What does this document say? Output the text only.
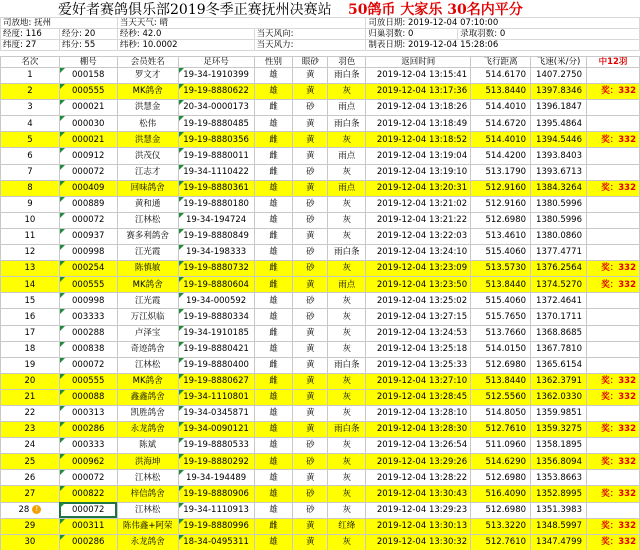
爱好者赛鸽俱乐部2019冬季正赛抚州决赛站 50鸽币 大家乐 30名内平分
司放地: 抚州		当天天气: 晴		司放日期: 2019-12-04 07:10:00	
经度: 116	经分: 20	经秒: 42.0	当天风向:	归巢羽数: 0	录取羽数: 0
纬度: 27	纬分: 55	纬秒: 10.0002	当天风力:	制表日期: 2019-12-04 15:28:06	
名次	棚号	会员姓名	足环号	性别	眼砂	羽色	返回时间	飞行距离	飞速(米/分)	中12羽
1	000158	罗文才	19-34-1910399	雄	黄	雨白条	2019-12-04 13:15:41	514.6170	1407.2750	
2	000555	MK鸽舍	19-19-8880622	雄	黄	灰	2019-12-04 13:17:36	513.8440	1397.8346	奖：332
3	000021	洪慧金	20-34-0000173	雌	砂	雨点	2019-12-04 13:18:26	514.4010	1396.1847	
4	000030	松伟	19-19-8880485	雄	黄	雨白条	2019-12-04 13:18:49	514.6720	1395.4864	
5	000021	洪慧金	19-19-8880356	雌	黄	灰	2019-12-04 13:18:52	514.4010	1394.5446	奖：332
6	000912	洪茂仪	19-19-8880011	雌	黄	雨点	2019-12-04 13:19:04	514.4200	1393.8403	
7	000072	江志才	19-34-1110422	雌	砂	灰	2019-12-04 13:19:10	513.1790	1393.6713	
8	000409	回味鸽舍	19-19-8880361	雄	黄	雨点	2019-12-04 13:20:31	512.9160	1384.3264	奖：332
9	000889	黄和通	19-19-8880180	雄	砂	灰	2019-12-04 13:21:02	512.9160	1380.5996	
10	000072	江林松	19-34-194724	雄	砂	灰	2019-12-04 13:21:22	512.6980	1380.5996	
11	000937	赛多利鸽舍	19-19-8880849	雌	黄	灰	2019-12-04 13:22:03	513.4610	1380.0860	
12	000998	江光霞	19-34-198333	雄	砂	雨白条	2019-12-04 13:24:10	515.4060	1377.4771	
13	000254	陈慎敏	19-19-8880732	雌	砂	灰	2019-12-04 13:23:09	513.5730	1376.2564	奖：332
14	000555	MK鸽舍	19-19-8880604	雌	黄	雨点	2019-12-04 13:23:50	513.8440	1374.5270	奖：332
15	000998	江光霞	19-34-000592	雄	砂	灰	2019-12-04 13:25:02	515.4060	1372.4641	
16	003333	万江炽临	19-19-8880334	雄	砂	灰	2019-12-04 13:27:15	515.7650	1370.1711	
17	000288	卢泽宝	19-34-1910185	雌	黄	灰	2019-12-04 13:24:53	513.7660	1368.8685	
18	000838	奇迹鸽舍	19-19-8880421	雄	黄	灰	2019-12-04 13:25:18	514.0150	1367.7810	
19	000072	江林松	19-19-8880400	雌	黄	雨白条	2019-12-04 13:25:33	512.6980	1365.6154	
20	000555	MK鸽舍	19-19-8880627	雌	黄	灰	2019-12-04 13:27:10	513.8440	1362.3791	奖：332
21	000088	鑫鑫鸽舍	19-34-1110801	雄	黄	灰	2019-12-04 13:28:45	512.5560	1362.0330	奖：332
22	000313	凯胜鸽舍	19-34-0345871	雄	黄	灰	2019-12-04 13:28:10	514.8050	1359.9851	
23	000286	永龙鸽舍	19-34-0090121	雄	黄	雨白条	2019-12-04 13:28:30	512.7610	1359.3275	奖：332
24	000333	陈斌	19-19-8880533	雄	砂	灰	2019-12-04 13:26:54	511.0960	1358.1895	
25	000962	洪海坤	19-19-8880292	雄	砂	灰	2019-12-04 13:29:26	514.6290	1356.8094	奖：332
26	000072	江林松	19-34-194489	雄	黄	灰	2019-12-04 13:28:22	512.6980	1353.8663	
27	000822	梓信鸽舍	19-19-8880906	雄	砂	灰	2019-12-04 13:30:43	516.4090	1352.8995	奖：332
28 !	000072	江林松	19-34-1110913	雄	砂	灰	2019-12-04 13:29:23	512.6980	1351.3983	
29	000311	陈伟鑫+阿荣	19-19-8880996	雌	黄	红绛	2019-12-04 13:30:13	513.3220	1348.5997	奖：332
30	000286	永龙鸽舍	18-34-0495311	雄	黄	灰	2019-12-04 13:30:32	512.7610	1347.4799	奖：332
